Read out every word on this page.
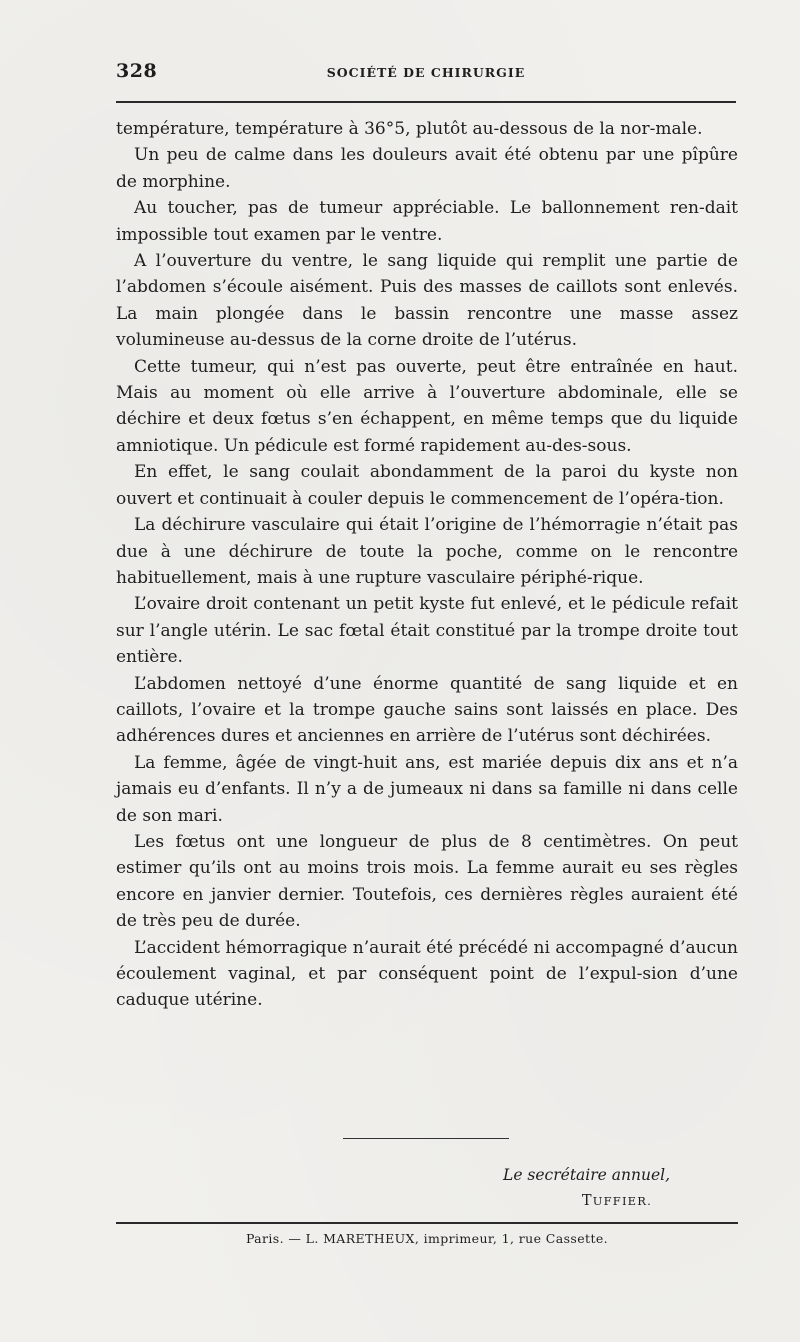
328	SOCIÉTÉ DE CHIRURGIE

température, température à 36°5, plutôt au-dessous de la nor-male.

Un peu de calme dans les douleurs avait été obtenu par une pîpûre de morphine.

Au toucher, pas de tumeur appréciable. Le ballonnement ren-dait impossible tout examen par le ventre.

A l’ouverture du ventre, le sang liquide qui remplit une partie de l’abdomen s’écoule aisément. Puis des masses de caillots sont enlevés. La main plongée dans le bassin rencontre une masse assez volumineuse au-dessus de la corne droite de l’utérus.

Cette tumeur, qui n’est pas ouverte, peut être entraînée en haut. Mais au moment où elle arrive à l’ouverture abdominale, elle se déchire et deux fœtus s’en échappent, en même temps que du liquide amniotique. Un pédicule est formé rapidement au-des-sous.

En effet, le sang coulait abondamment de la paroi du kyste non ouvert et continuait à couler depuis le commencement de l’opéra-tion.

La déchirure vasculaire qui était l’origine de l’hémorragie n’était pas due à une déchirure de toute la poche, comme on le rencontre habituellement, mais à une rupture vasculaire périphé-rique.

L’ovaire droit contenant un petit kyste fut enlevé, et le pédicule refait sur l’angle utérin. Le sac fœtal était constitué par la trompe droite tout entière.

L’abdomen nettoyé d’une énorme quantité de sang liquide et en caillots, l’ovaire et la trompe gauche sains sont laissés en place. Des adhérences dures et anciennes en arrière de l’utérus sont déchirées.

La femme, âgée de vingt-huit ans, est mariée depuis dix ans et n’a jamais eu d’enfants. Il n’y a de jumeaux ni dans sa famille ni dans celle de son mari.

Les fœtus ont une longueur de plus de 8 centimètres. On peut estimer qu’ils ont au moins trois mois. La femme aurait eu ses règles encore en janvier dernier. Toutefois, ces dernières règles auraient été de très peu de durée.

L’accident hémorragique n’aurait été précédé ni accompagné d’aucun écoulement vaginal, et par conséquent point de l’expul-sion d’une caduque utérine.

Le secrétaire annuel,
TUFFIER.
Paris. — L. MARETHEUX, imprimeur, 1, rue Cassette.
